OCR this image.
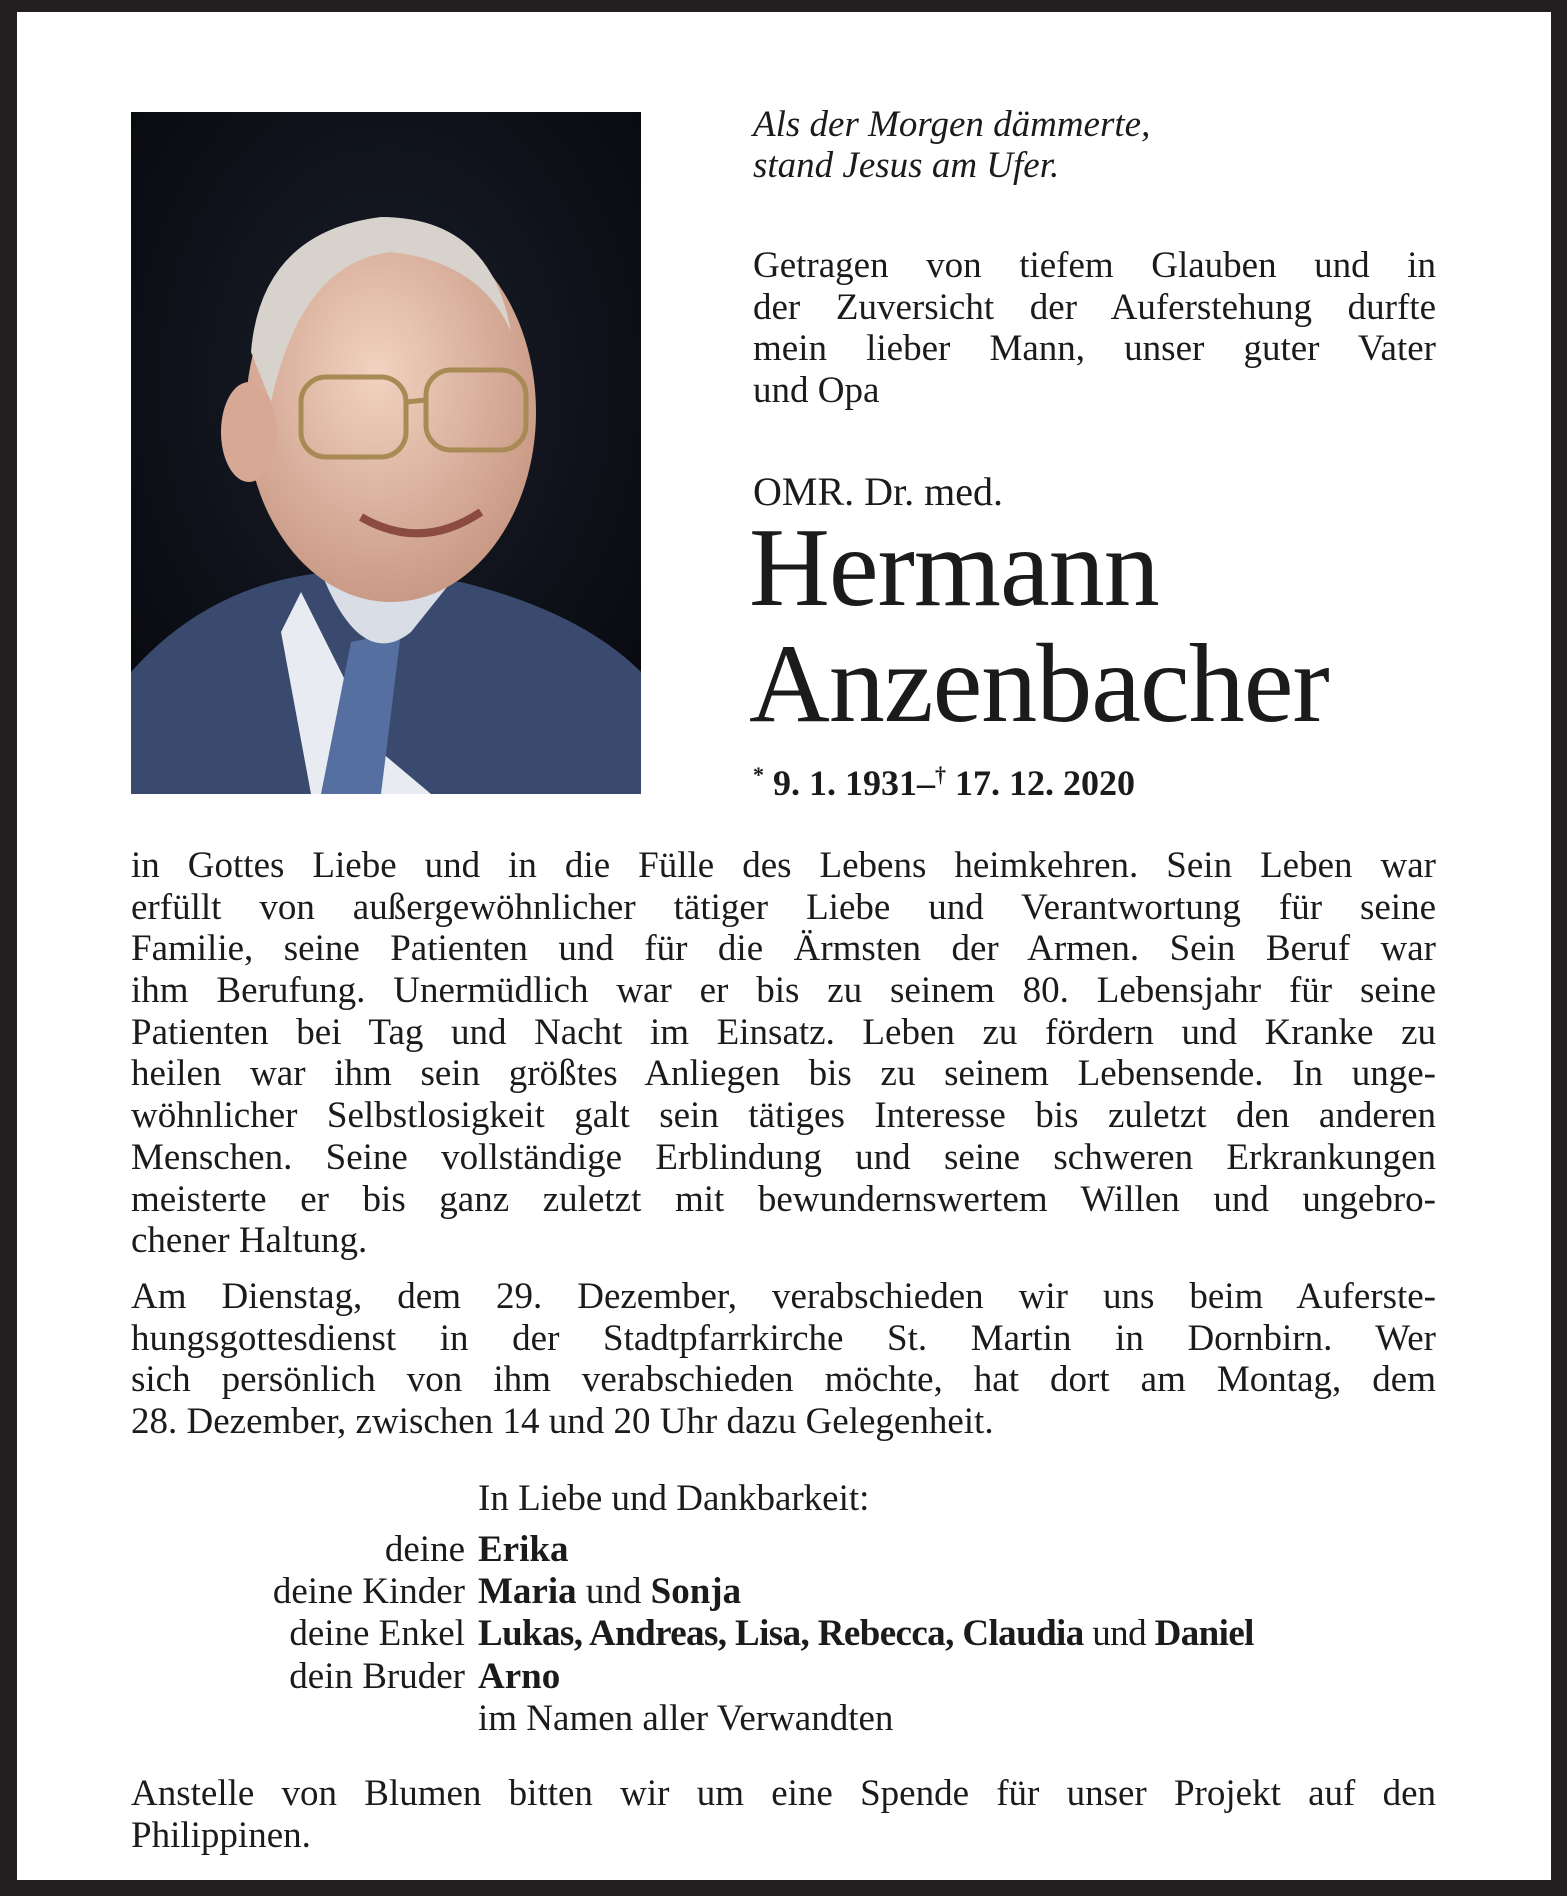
Als der Morgen dämmerte,
stand Jesus am Ufer.
Getragen von tiefem Glauben und in
der Zuversicht der Auferstehung durfte
mein lieber Mann, unser guter Vater
und Opa
OMR. Dr. med.
Hermann
Anzenbacher
* 9. 1. 1931–† 17. 12. 2020
in Gottes Liebe und in die Fülle des Lebens heimkehren. Sein Leben war
erfüllt von außergewöhnlicher tätiger Liebe und Verantwortung für seine
Familie, seine Patienten und für die Ärmsten der Armen. Sein Beruf war
ihm Berufung. Unermüdlich war er bis zu seinem 80. Lebensjahr für seine
Patienten bei Tag und Nacht im Einsatz. Leben zu fördern und Kranke zu
heilen war ihm sein größtes Anliegen bis zu seinem Lebensende. In unge-
wöhnlicher Selbstlosigkeit galt sein tätiges Interesse bis zuletzt den anderen
Menschen. Seine vollständige Erblindung und seine schweren Erkrankungen
meisterte er bis ganz zuletzt mit bewundernswertem Willen und ungebro-
chener Haltung.
Am Dienstag, dem 29. Dezember, verabschieden wir uns beim Auferste-
hungsgottesdienst in der Stadtpfarrkirche St. Martin in Dornbirn. Wer
sich persönlich von ihm verabschieden möchte, hat dort am Montag, dem
28. Dezember, zwischen 14 und 20 Uhr dazu Gelegenheit.
In Liebe und Dankbarkeit:
deine Erika
deine Kinder Maria und Sonja
deine Enkel Lukas, Andreas, Lisa, Rebecca, Claudia und Daniel
dein Bruder Arno
im Namen aller Verwandten
Anstelle von Blumen bitten wir um eine Spende für unser Projekt auf den
Philippinen.
